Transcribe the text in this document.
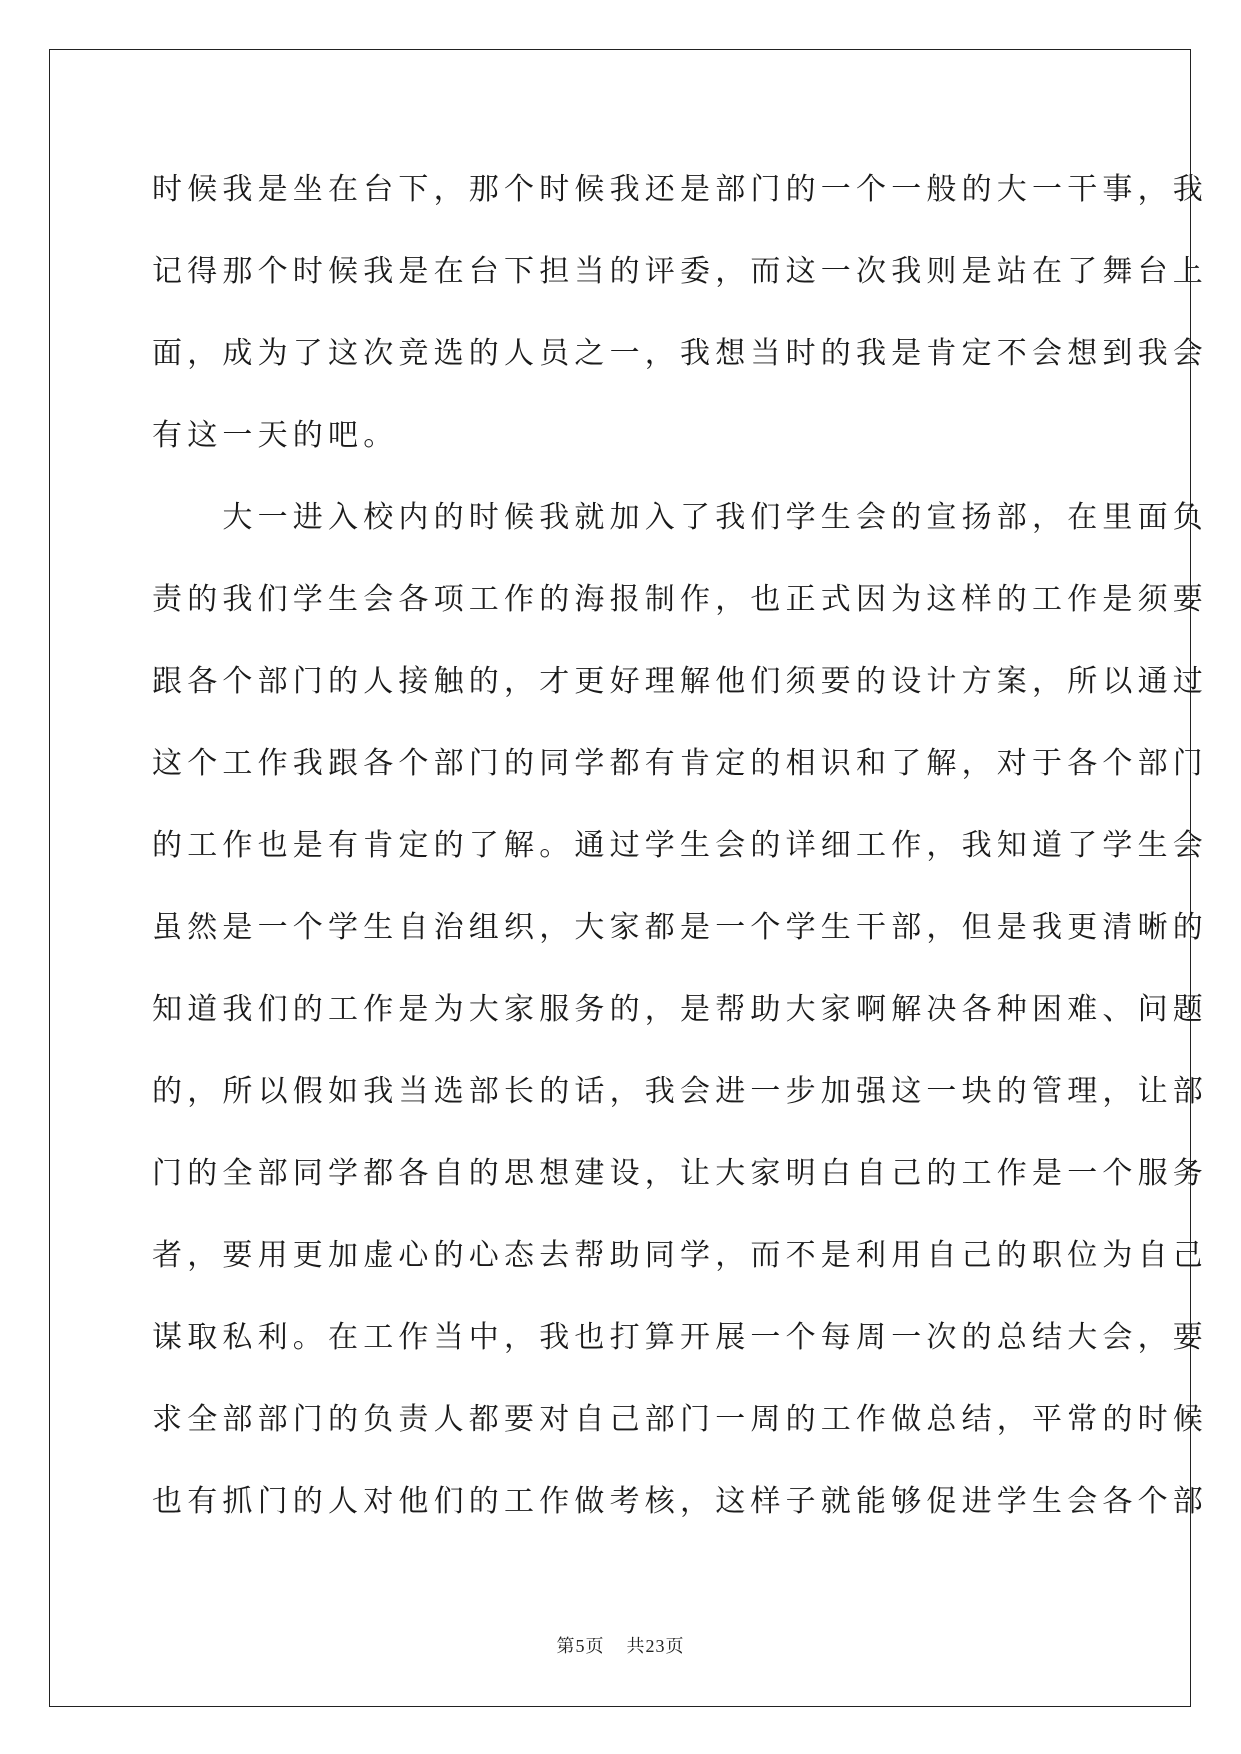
时候我是坐在台下，那个时候我还是部门的一个一般的大一干事，我
记得那个时候我是在台下担当的评委，而这一次我则是站在了舞台上
面，成为了这次竞选的人员之一，我想当时的我是肯定不会想到我会
有这一天的吧。
　　大一进入校内的时候我就加入了我们学生会的宣扬部，在里面负
责的我们学生会各项工作的海报制作，也正式因为这样的工作是须要
跟各个部门的人接触的，才更好理解他们须要的设计方案，所以通过
这个工作我跟各个部门的同学都有肯定的相识和了解，对于各个部门
的工作也是有肯定的了解。通过学生会的详细工作，我知道了学生会
虽然是一个学生自治组织，大家都是一个学生干部，但是我更清晰的
知道我们的工作是为大家服务的，是帮助大家啊解决各种困难、问题
的，所以假如我当选部长的话，我会进一步加强这一块的管理，让部
门的全部同学都各自的思想建设，让大家明白自己的工作是一个服务
者，要用更加虚心的心态去帮助同学，而不是利用自己的职位为自己
谋取私利。在工作当中，我也打算开展一个每周一次的总结大会，要
求全部部门的负责人都要对自己部门一周的工作做总结，平常的时候
也有抓门的人对他们的工作做考核，这样子就能够促进学生会各个部
第5页 共23页
